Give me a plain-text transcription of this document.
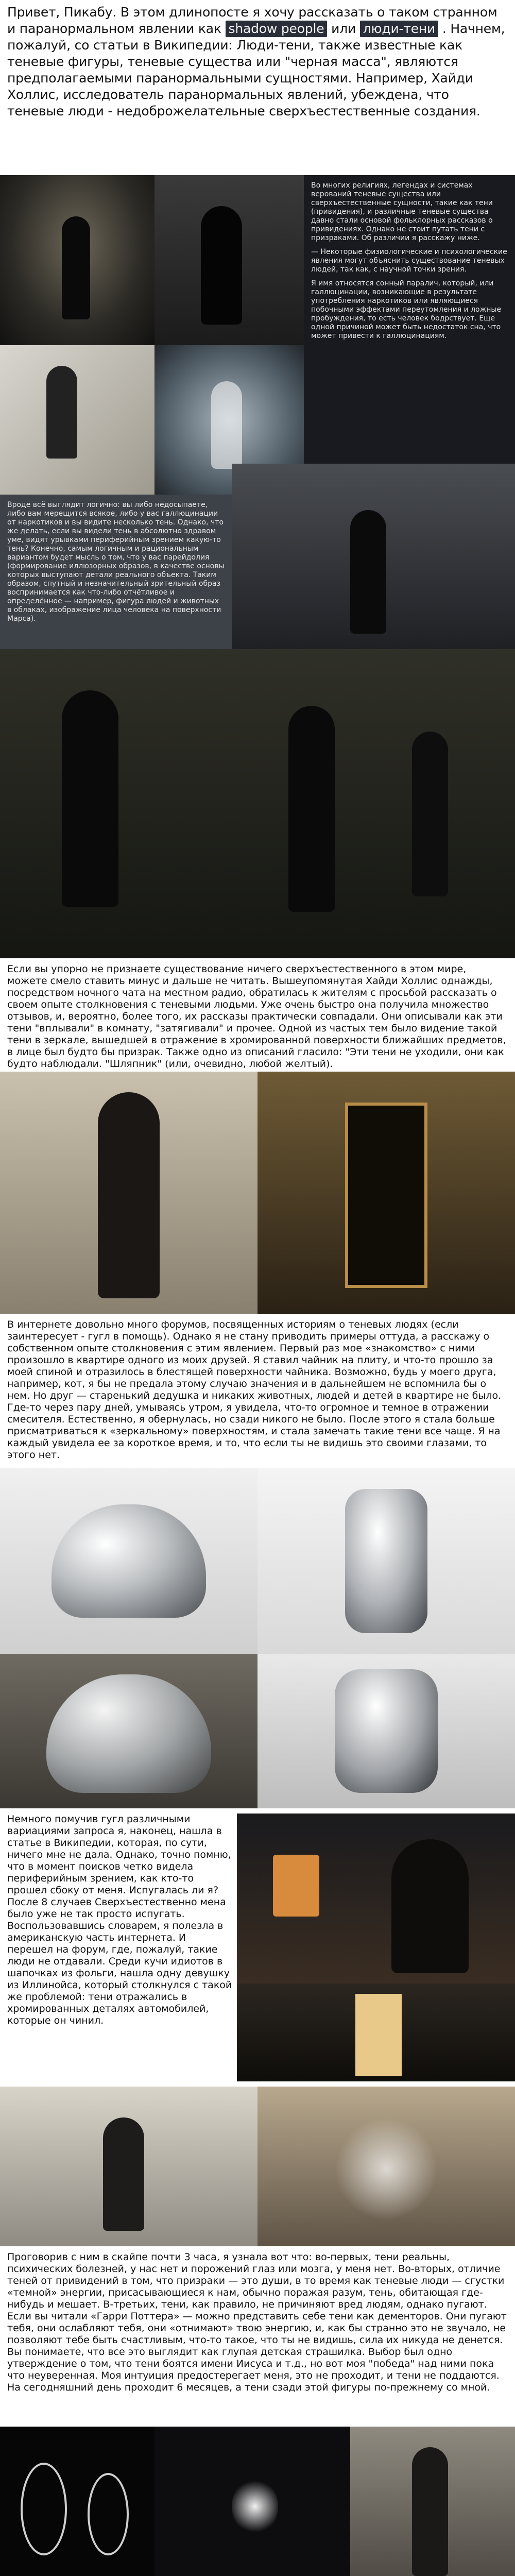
Привет, Пикабу. В этом длинопосте я хочу рассказать о таком странном и паранормальном явлении как shadow people или люди-тени . Начнем, пожалуй, со статьи в Википедии: Люди-тени, также известные как теневые фигуры, теневые существа или "черная масса", являются предполагаемыми паранормальными сущностями. Например, Хайди Холлис, исследователь паранормальных явлений, убеждена, что теневые люди - недоброжелательные сверхъестественные создания.

Во многих религиях, легендах и системах верований теневые существа или сверхъестественные сущности, такие как тени (привидения), и различные теневые существа давно стали основой фольклорных рассказов о привидениях. Однако не стоит путать тени с призраками. Об различии я расскажу ниже.

— Некоторые физиологические и психологические явления могут объяснить существование теневых людей, так как, с научной точки зрения.

Я имя относятся сонный паралич, который, или галлюцинации, возникающие в результате употребления наркотиков или являющиеся побочными эффектами переутомления и ложные пробуждения, то есть человек бодрствует. Еще одной причиной может быть недостаток сна, что может привести к галлюцинациям.

Вроде всё выглядит логично: вы либо недосыпаете, либо вам мерещится всякое, либо у вас галлюцинации от наркотиков и вы видите несколько тень. Однако, что же делать, если вы видели тень в абсолютно здравом уме, видят урывками периферийным зрением какую-то тень? Конечно, самым логичным и рациональным вариантом будет мысль о том, что у вас парейдолия (формирование иллюзорных образов, в качестве основы которых выступают детали реального объекта. Таким образом, спутный и незначительный зрительный образ воспринимается как что-либо отчётливое и определённое — например, фигура людей и животных в облаках, изображение лица человека на поверхности Марса).

Если вы упорно не признаете существование ничего сверхъестественного в этом мире, можете смело ставить минус и дальше не читать. Вышеупомянутая Хайди Холлис однажды, посредством ночного чата на местном радио, обратилась к жителям с просьбой рассказать о своем опыте столкновения с теневыми людьми. Уже очень быстро она получила множество отзывов, и, вероятно, более того, их рассказы практически совпадали. Они описывали как эти тени "вплывали" в комнату, "затягивали" и прочее. Одной из частых тем было видение такой тени в зеркале, вышедшей в отражение в хромированной поверхности ближайших предметов, в лице был будто бы призрак. Также одно из описаний гласило: "Эти тени не уходили, они как будто наблюдали. "Шляпник" (или, очевидно, любой желтый).

В интернете довольно много форумов, посвященных историям о теневых людях (если заинтересует - гугл в помощь). Однако я не стану приводить примеры оттуда, а расскажу о собственном опыте столкновения с этим явлением. Первый раз мое «знакомство» с ними произошло в квартире одного из моих друзей. Я ставил чайник на плиту, и что-то прошло за моей спиной и отразилось в блестящей поверхности чайника. Возможно, будь у моего друга, например, кот, я бы не предала этому случаю значения и в дальнейшем не вспомнила бы о нем. Но друг — старенький дедушка и никаких животных, людей и детей в квартире не было. Где-то через пару дней, умываясь утром, я увидела, что-то огромное и темное в отражении смесителя. Естественно, я обернулась, но сзади никого не было. После этого я стала больше присматриваться к «зеркальному» поверхностям, и стала замечать такие тени все чаще. Я на каждый увидела ее за короткое время, и то, что если ты не видишь это своими глазами, то этого нет.

Немного помучив гугл различными вариациями запроса я, наконец, нашла в статье в Википедии, которая, по сути, ничего мне не дала. Однако, точно помню, что в момент поисков четко видела периферийным зрением, как кто-то прошел сбоку от меня. Испугалась ли я? После 8 случаев Сверхъестественно мена было уже не так просто испугать. Воспользовавшись словарем, я полезла в американскую часть интернета. И перешел на форум, где, пожалуй, такие люди не отдавали. Среди кучи идиотов в шапочках из фольги, нашла одну девушку из Иллинойса, который столкнулся с такой же проблемой: тени отражались в хромированных деталях автомобилей, которые он чинил.

Проговорив с ним в скайпе почти 3 часа, я узнала вот что: во-первых, тени реальны, психических болезней, у нас нет и порожений глаз или мозга, у меня нет. Во-вторых, отличие теней от привидений в том, что призраки — это души, в то время как теневые люди — сгустки «темной» энергии, присасывающиеся к нам, обычно поражая разум, тень, обитающая где-нибудь и мешает. В-третьих, тени, как правило, не причиняют вред людям, однако пугают. Если вы читали «Гарри Поттера» — можно представить себе тени как дементоров. Они пугают тебя, они ослабляют тебя, они «отнимают» твою энергию, и, как бы странно это не звучало, не позволяют тебе быть счастливым, что-то такое, что ты не видишь, сила их никуда не денется. Вы понимаете, что все это выглядит как глупая детская страшилка. Выбор был одно утверждение о том, что тени боятся имени Иисуса и т.д., но вот моя "победа" над ними пока что неуверенная. Моя интуиция предостерегает меня, это не проходит, и тени не поддаются. На сегодняшний день проходит 6 месяцев, а тени сзади этой фигуры по-прежнему со мной.
